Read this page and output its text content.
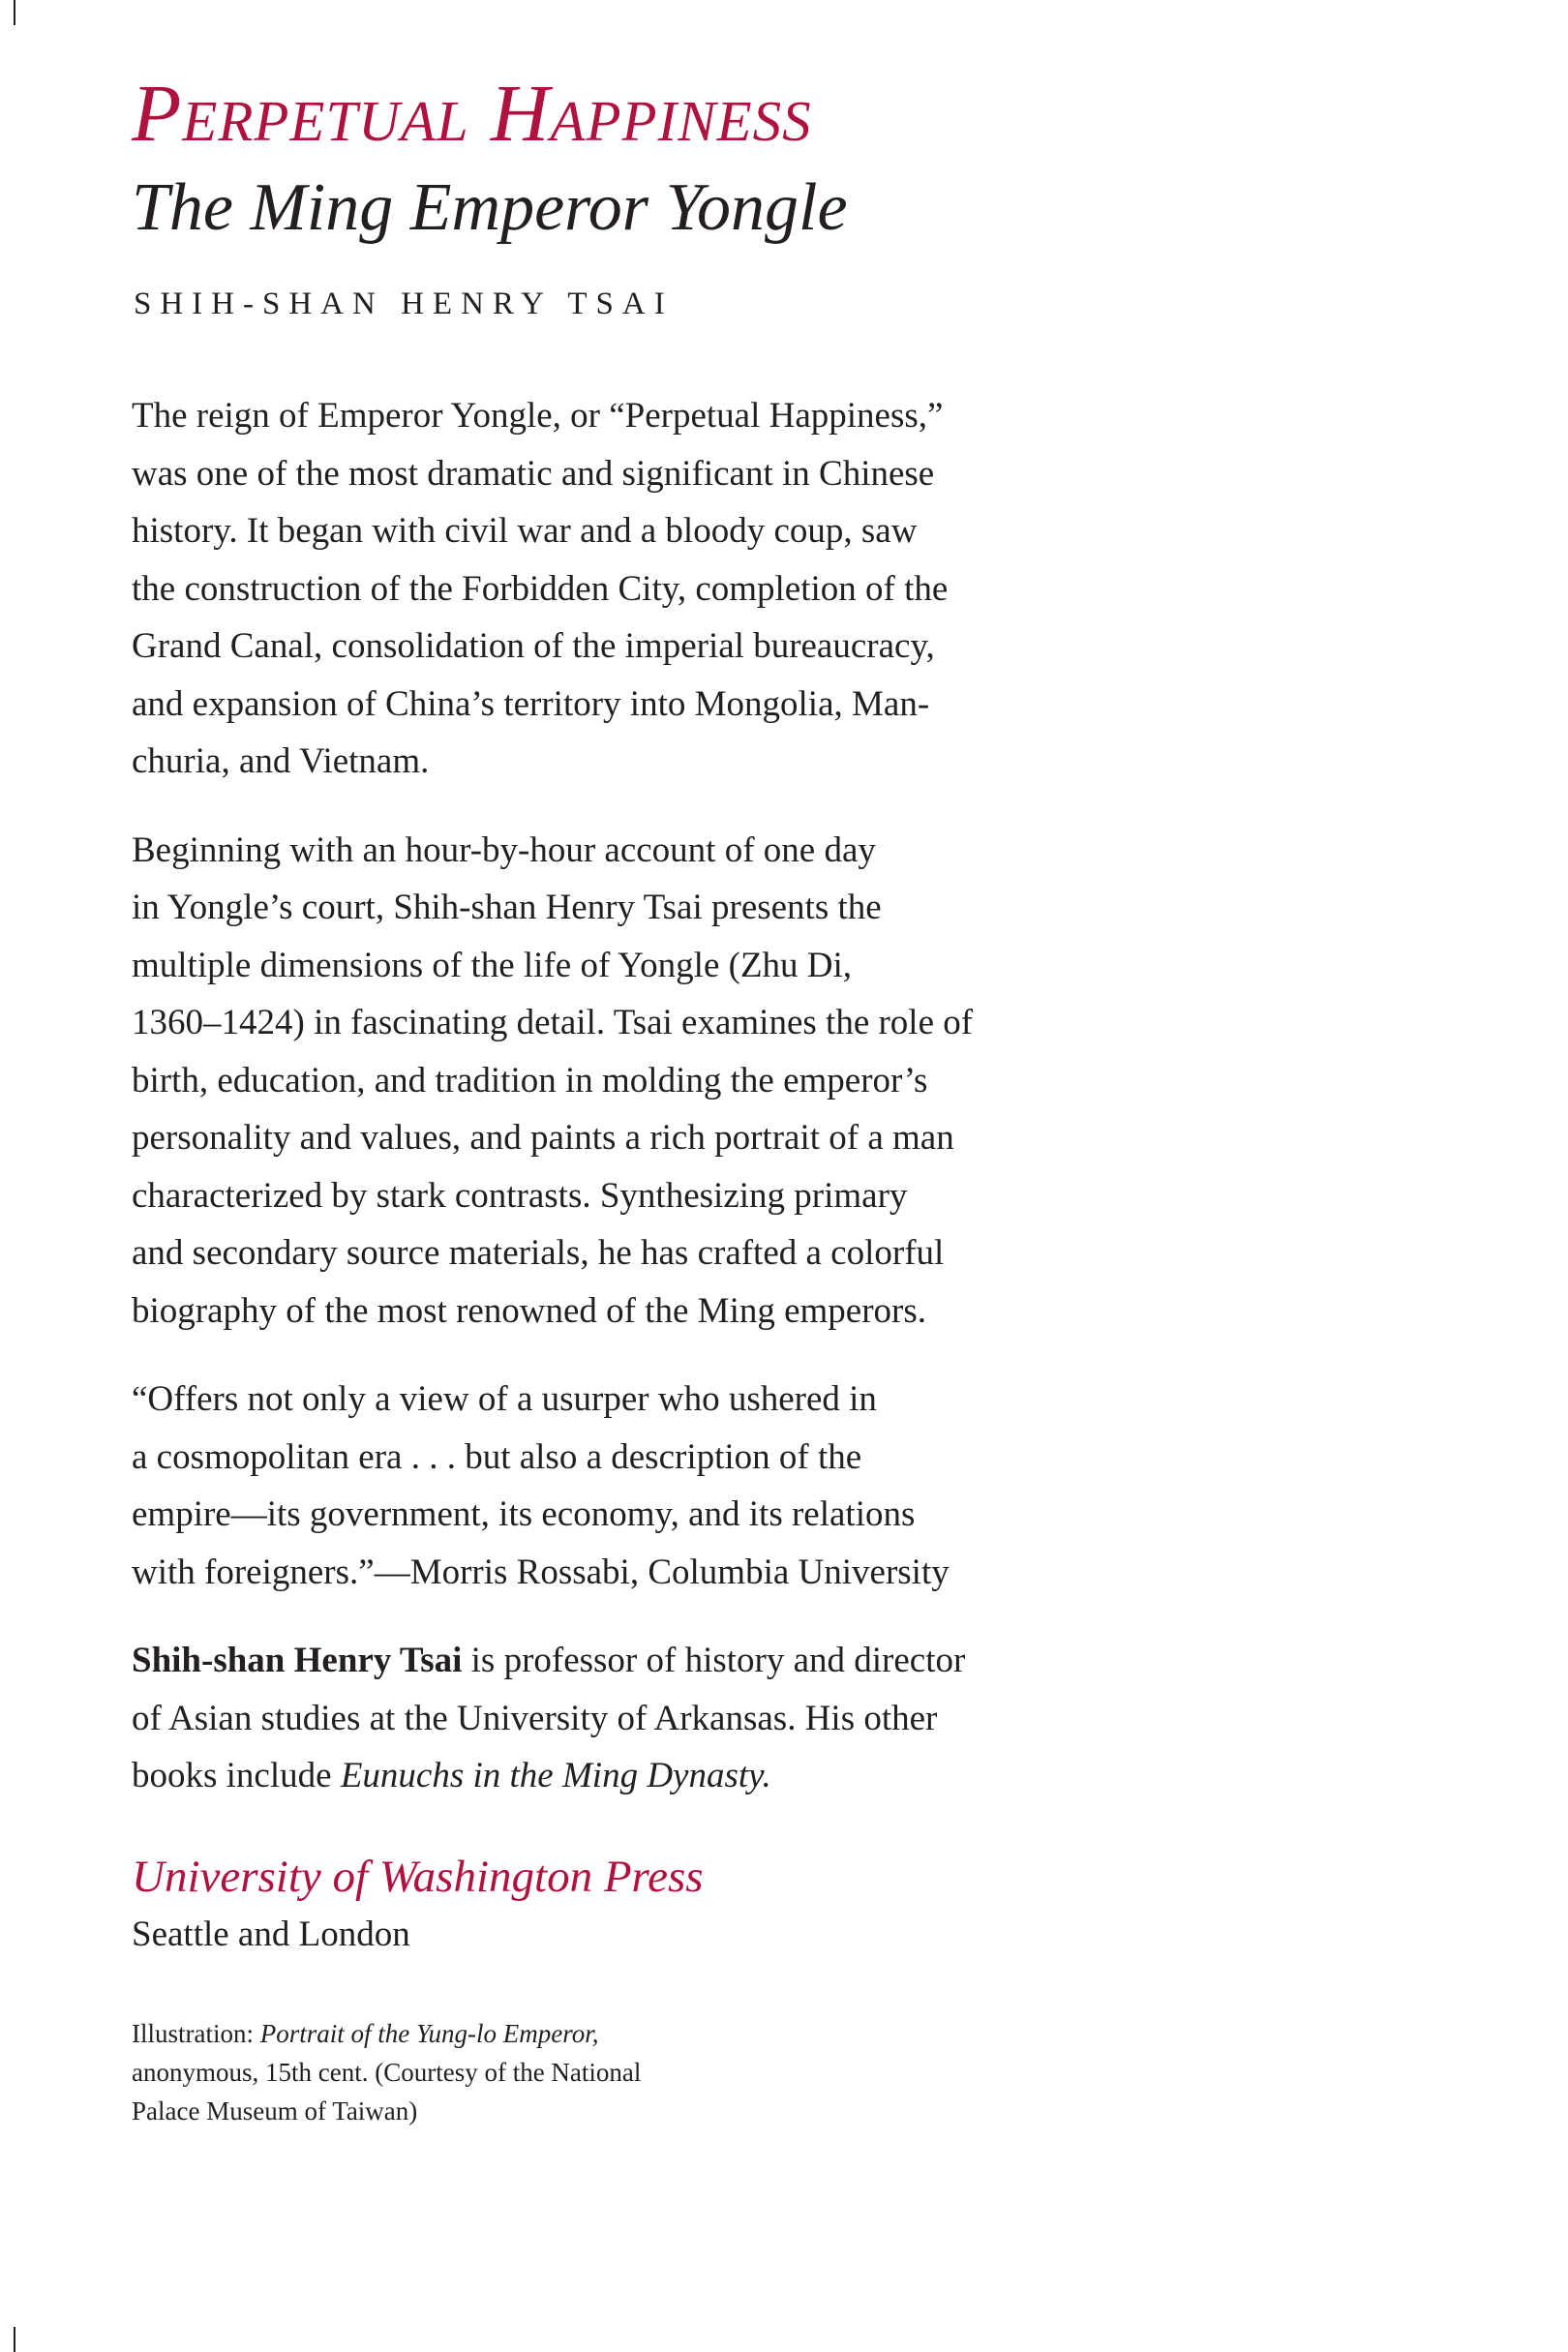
Perpetual Happiness
The Ming Emperor Yongle
SHIH-SHAN HENRY TSAI

The reign of Emperor Yongle, or “Perpetual Happiness,”
was one of the most dramatic and significant in Chinese
history. It began with civil war and a bloody coup, saw
the construction of the Forbidden City, completion of the
Grand Canal, consolidation of the imperial bureaucracy,
and expansion of China’s territory into Mongolia, Man-
churia, and Vietnam.

Beginning with an hour-by-hour account of one day
in Yongle’s court, Shih-shan Henry Tsai presents the
multiple dimensions of the life of Yongle (Zhu Di,
1360–1424) in fascinating detail. Tsai examines the role of
birth, education, and tradition in molding the emperor’s
personality and values, and paints a rich portrait of a man
characterized by stark contrasts. Synthesizing primary
and secondary source materials, he has crafted a colorful
biography of the most renowned of the Ming emperors.

“Offers not only a view of a usurper who ushered in
a cosmopolitan era . . . but also a description of the
empire—its government, its economy, and its relations
with foreigners.”—Morris Rossabi, Columbia University

Shih-shan Henry Tsai is professor of history and director
of Asian studies at the University of Arkansas. His other
books include Eunuchs in the Ming Dynasty.

University of Washington Press
Seattle and London

Illustration: Portrait of the Yung-lo Emperor,
anonymous, 15th cent. (Courtesy of the National
Palace Museum of Taiwan)
